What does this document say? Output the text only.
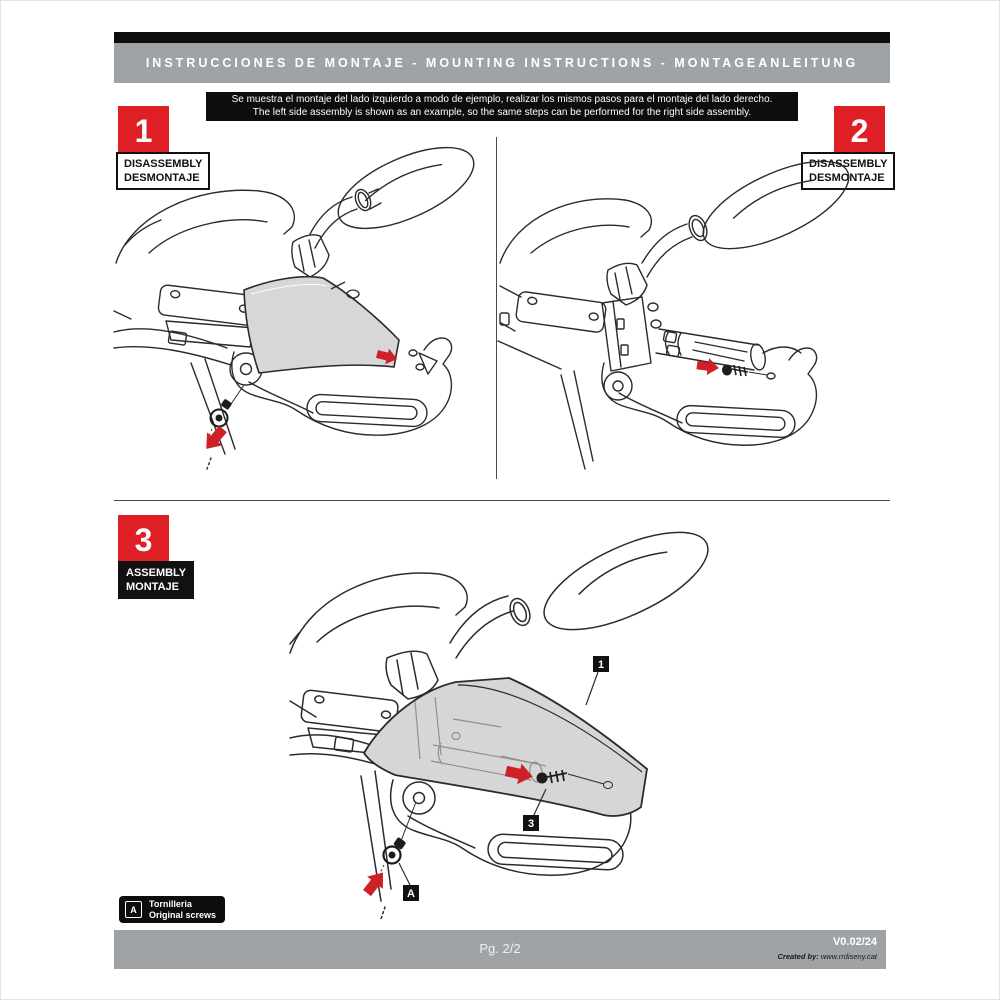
INSTRUCCIONES DE MONTAJE - MOUNTING INSTRUCTIONS - MONTAGEANLEITUNG
Se muestra el montaje del lado izquierdo a modo de ejemplo, realizar los mismos pasos para el montaje del lado derecho.
The left side assembly is shown as an example, so the same steps can be performed for the right side assembly.
1
DISASSEMBLY
DESMONTAJE
2
DISASSEMBLY
DESMONTAJE
3
ASSEMBLY
MONTAJE
1
3
A
A
Tornilleria
Original screws
Pg. 2/2	V0.02/24
Created by: www.rrdiseny.cat
